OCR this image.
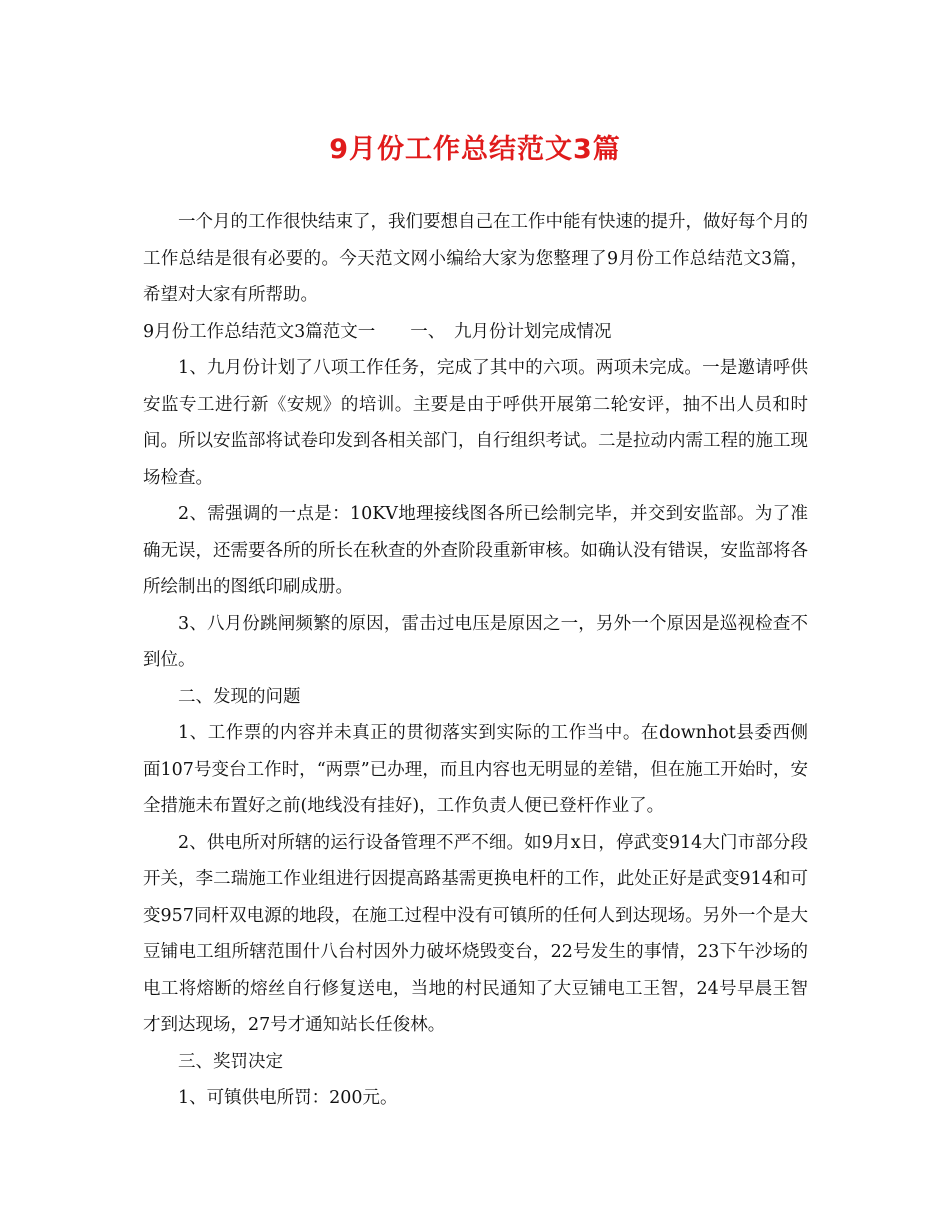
9月份工作总结范文3篇

一个月的工作很快结束了，我们要想自己在工作中能有快速的提升，做好每个月的工作总结是很有必要的。今天范文网小编给大家为您整理了9月份工作总结范文3篇，希望对大家有所帮助。

9月份工作总结范文3篇范文一　　一、　九月份计划完成情况

1、九月份计划了八项工作任务，完成了其中的六项。两项未完成。一是邀请呼供安监专工进行新《安规》的培训。主要是由于呼供开展第二轮安评，抽不出人员和时间。所以安监部将试卷印发到各相关部门，自行组织考试。二是拉动内需工程的施工现场检查。

2、需强调的一点是：10KV地理接线图各所已绘制完毕，并交到安监部。为了准确无误，还需要各所的所长在秋查的外查阶段重新审核。如确认没有错误，安监部将各所绘制出的图纸印刷成册。

3、八月份跳闸频繁的原因，雷击过电压是原因之一，另外一个原因是巡视检查不到位。

二、发现的问题

1、工作票的内容并未真正的贯彻落实到实际的工作当中。在downhot县委西侧面107号变台工作时，“两票”已办理，而且内容也无明显的差错，但在施工开始时，安全措施未布置好之前(地线没有挂好)，工作负责人便已登杆作业了。

2、供电所对所辖的运行设备管理不严不细。如9月x日，停武变914大门市部分段开关，李二瑞施工作业组进行因提高路基需更换电杆的工作，此处正好是武变914和可变957同杆双电源的地段，在施工过程中没有可镇所的任何人到达现场。另外一个是大豆铺电工组所辖范围什八台村因外力破坏烧毁变台，22号发生的事情，23下午沙场的电工将熔断的熔丝自行修复送电，当地的村民通知了大豆铺电工王智，24号早晨王智才到达现场，27号才通知站长任俊林。

三、奖罚决定

1、可镇供电所罚：200元。
